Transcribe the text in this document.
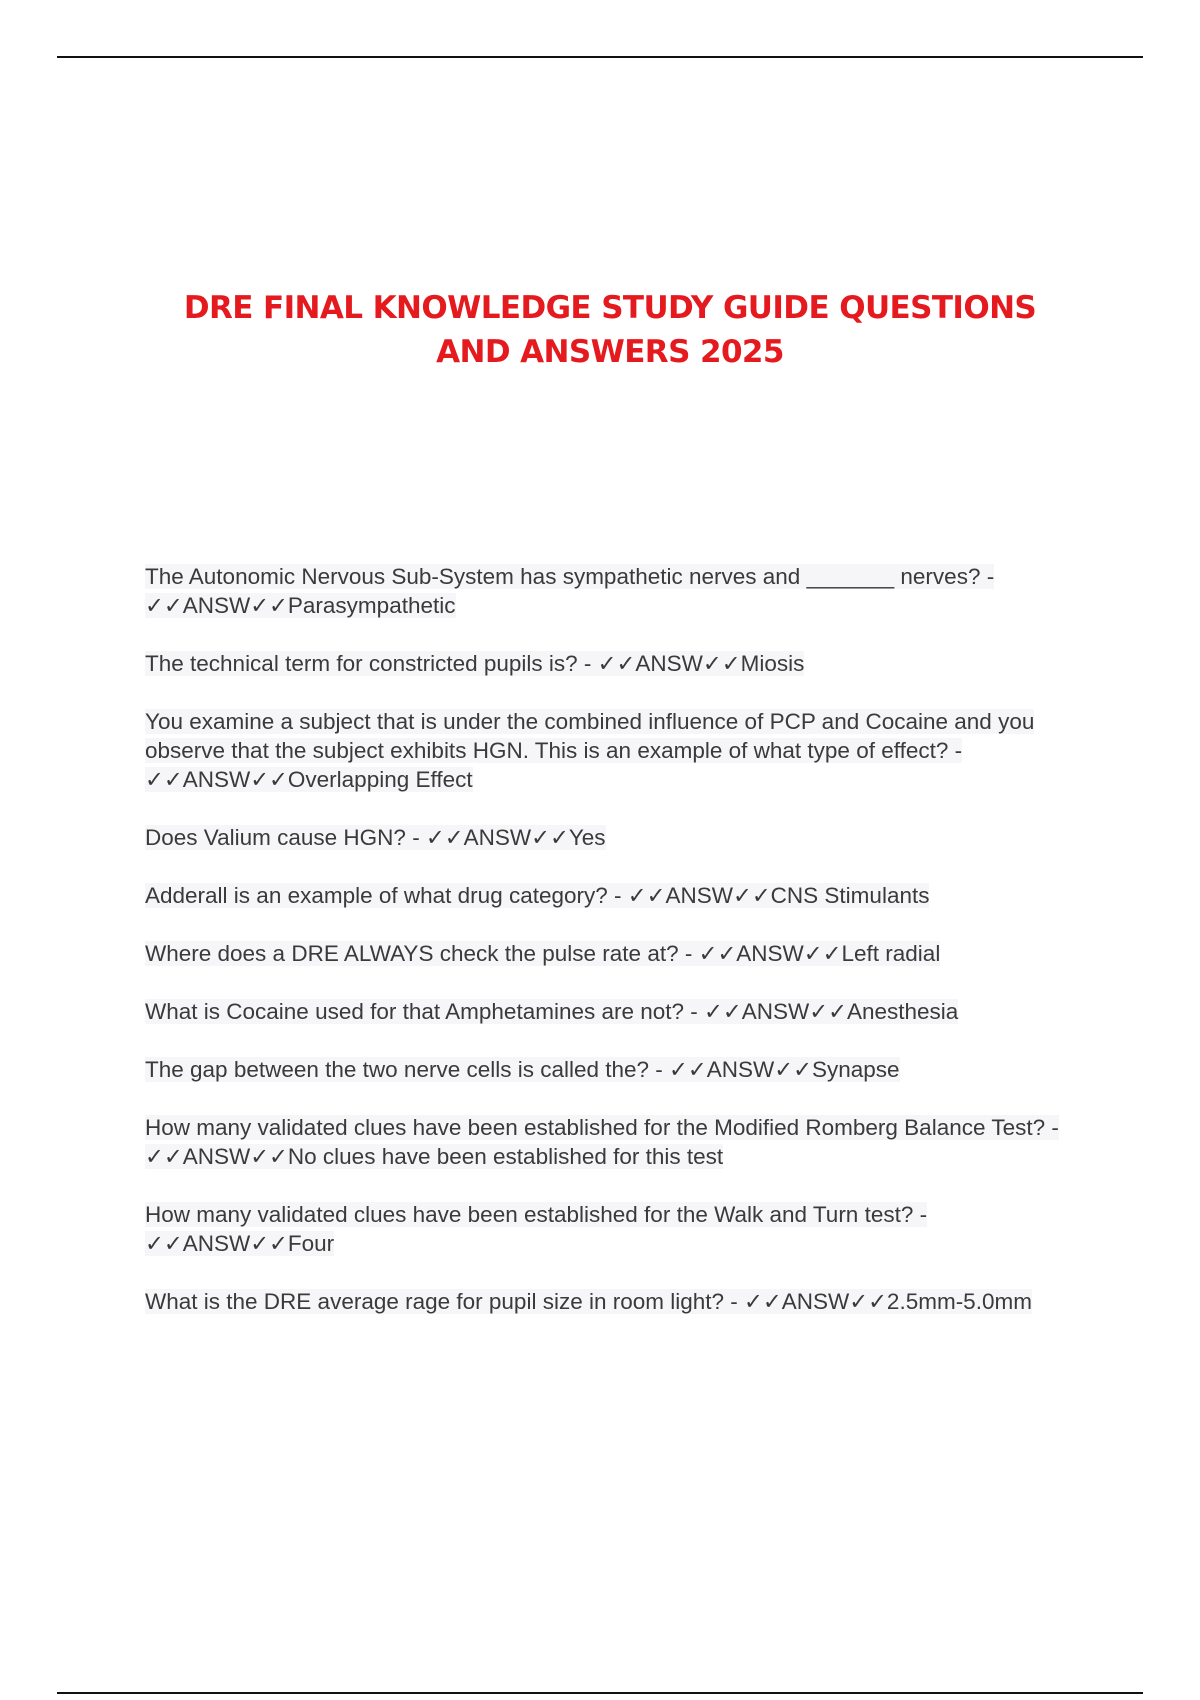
DRE FINAL KNOWLEDGE STUDY GUIDE QUESTIONS AND ANSWERS 2025
The Autonomic Nervous Sub-System has sympathetic nerves and _______ nerves? - ✓✓ANSW✓✓Parasympathetic
The technical term for constricted pupils is? - ✓✓ANSW✓✓Miosis
You examine a subject that is under the combined influence of PCP and Cocaine and you observe that the subject exhibits HGN. This is an example of what type of effect? - ✓✓ANSW✓✓Overlapping Effect
Does Valium cause HGN? - ✓✓ANSW✓✓Yes
Adderall is an example of what drug category? - ✓✓ANSW✓✓CNS Stimulants
Where does a DRE ALWAYS check the pulse rate at? - ✓✓ANSW✓✓Left radial
What is Cocaine used for that Amphetamines are not? - ✓✓ANSW✓✓Anesthesia
The gap between the two nerve cells is called the? - ✓✓ANSW✓✓Synapse
How many validated clues have been established for the Modified Romberg Balance Test? - ✓✓ANSW✓✓No clues have been established for this test
How many validated clues have been established for the Walk and Turn test? - ✓✓ANSW✓✓Four
What is the DRE average rage for pupil size in room light? - ✓✓ANSW✓✓2.5mm-5.0mm
